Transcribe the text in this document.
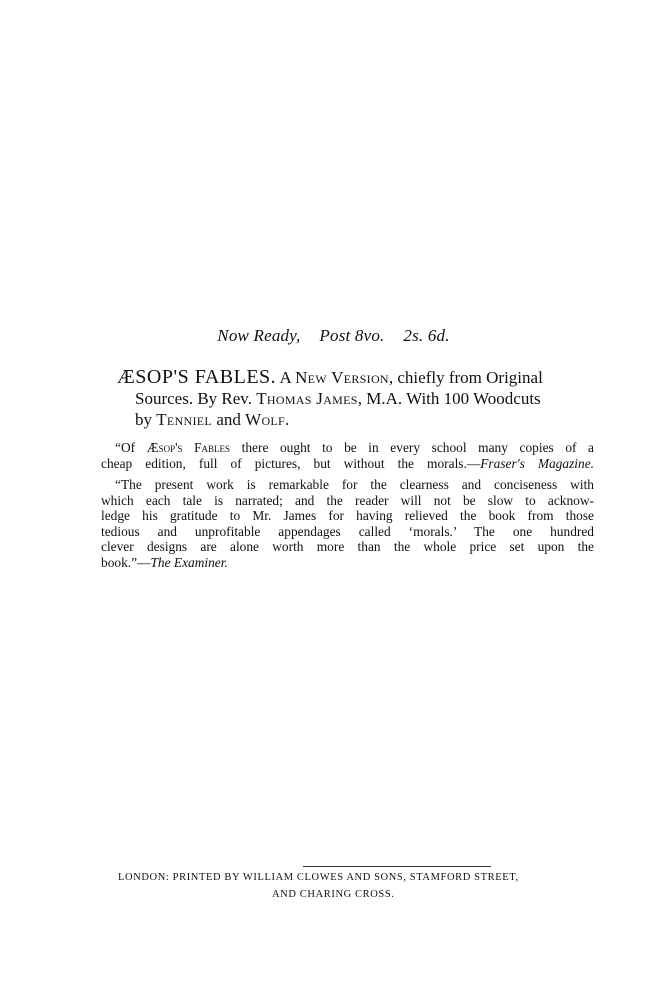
Now Ready, Post 8vo. 2s. 6d.
ÆSOP'S FABLES. A New Version, chiefly from Original
Sources. By Rev. Thomas James, M.A. With 100 Woodcuts
by Tenniel and Wolf.
“Of Æsop's Fables there ought to be in every school many copies of a
cheap edition, full of pictures, but without the morals.—Fraser's Magazine.
“The present work is remarkable for the clearness and conciseness with
which each tale is narrated; and the reader will not be slow to acknow-
ledge his gratitude to Mr. James for having relieved the book from those
tedious and unprofitable appendages called ‘morals.’ The one hundred
clever designs are alone worth more than the whole price set upon the
book.”—The Examiner.
LONDON: PRINTED BY WILLIAM CLOWES AND SONS, STAMFORD STREET,
AND CHARING CROSS.
